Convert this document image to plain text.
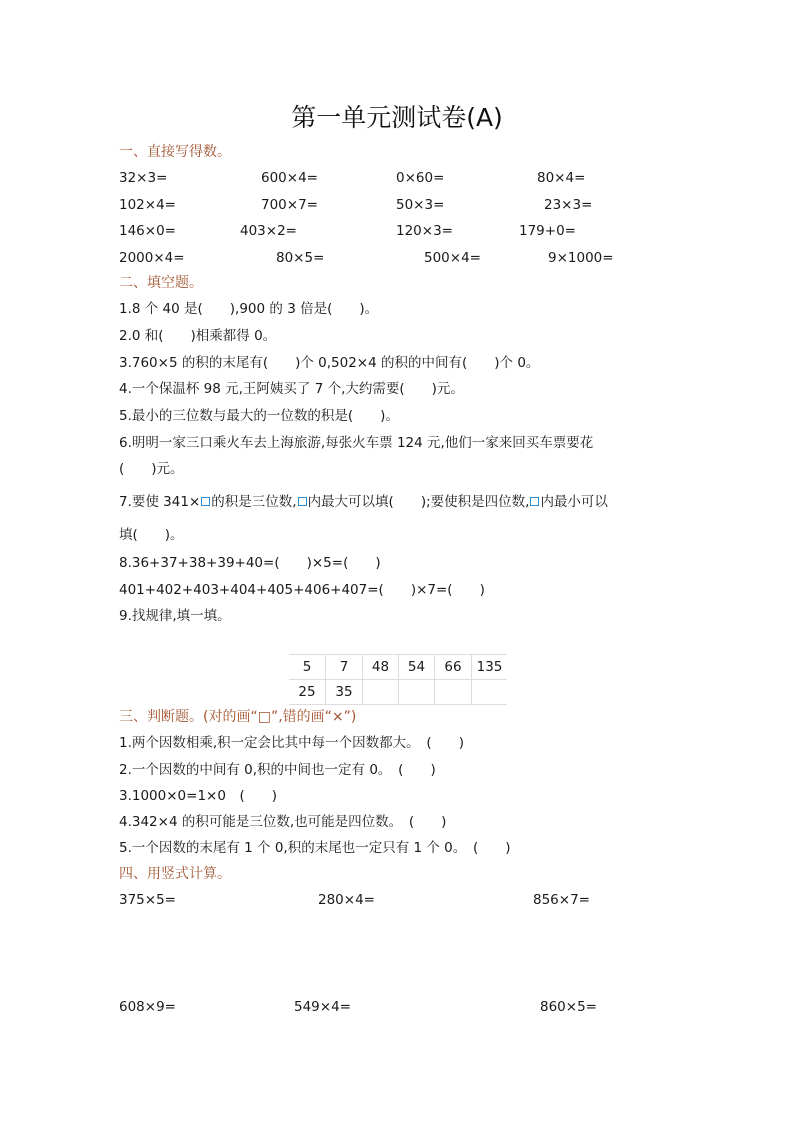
第一单元测试卷(A)
一、直接写得数。
32×3=	600×4=	0×60=	80×4=
102×4=	700×7=	50×3=	23×3=
146×0=	403×2=	120×3=	179+0=
2000×4=	80×5=	500×4=	9×1000=
二、填空题。
1.8 个 40 是(　　),900 的 3 倍是(　　)。
2.0 和(　　)相乘都得 0。
3.760×5 的积的末尾有(　　)个 0,502×4 的积的中间有(　　)个 0。
4.一个保温杯 98 元,王阿姨买了 7 个,大约需要(　　)元。
5.最小的三位数与最大的一位数的积是(　　)。
6.明明一家三口乘火车去上海旅游,每张火车票 124 元,他们一家来回买车票要花
(　　)元。
7.要使 341× 的积是三位数, 内最大可以填(　　);要使积是四位数, 内最小可以
填(　　)。
8.36+37+38+39+40=(　　)×5=(　　)
401+402+403+404+405+406+407=(　　)×7=(　　)
9.找规律,填一填。
5	7	48	54	66	135
25	35				
三、判断题。(对的画“□”,错的画“×”)
1.两个因数相乘,积一定会比其中每一个因数都大。　(　　)
2.一个因数的中间有 0,积的中间也一定有 0。　(　　)
3.1000×0=1×0　(　　)
4.342×4 的积可能是三位数,也可能是四位数。　(　　)
5.一个因数的末尾有 1 个 0,积的末尾也一定只有 1 个 0。　(　　)
四、用竖式计算。
375×5=	280×4=	856×7=
608×9=	549×4=	860×5=
